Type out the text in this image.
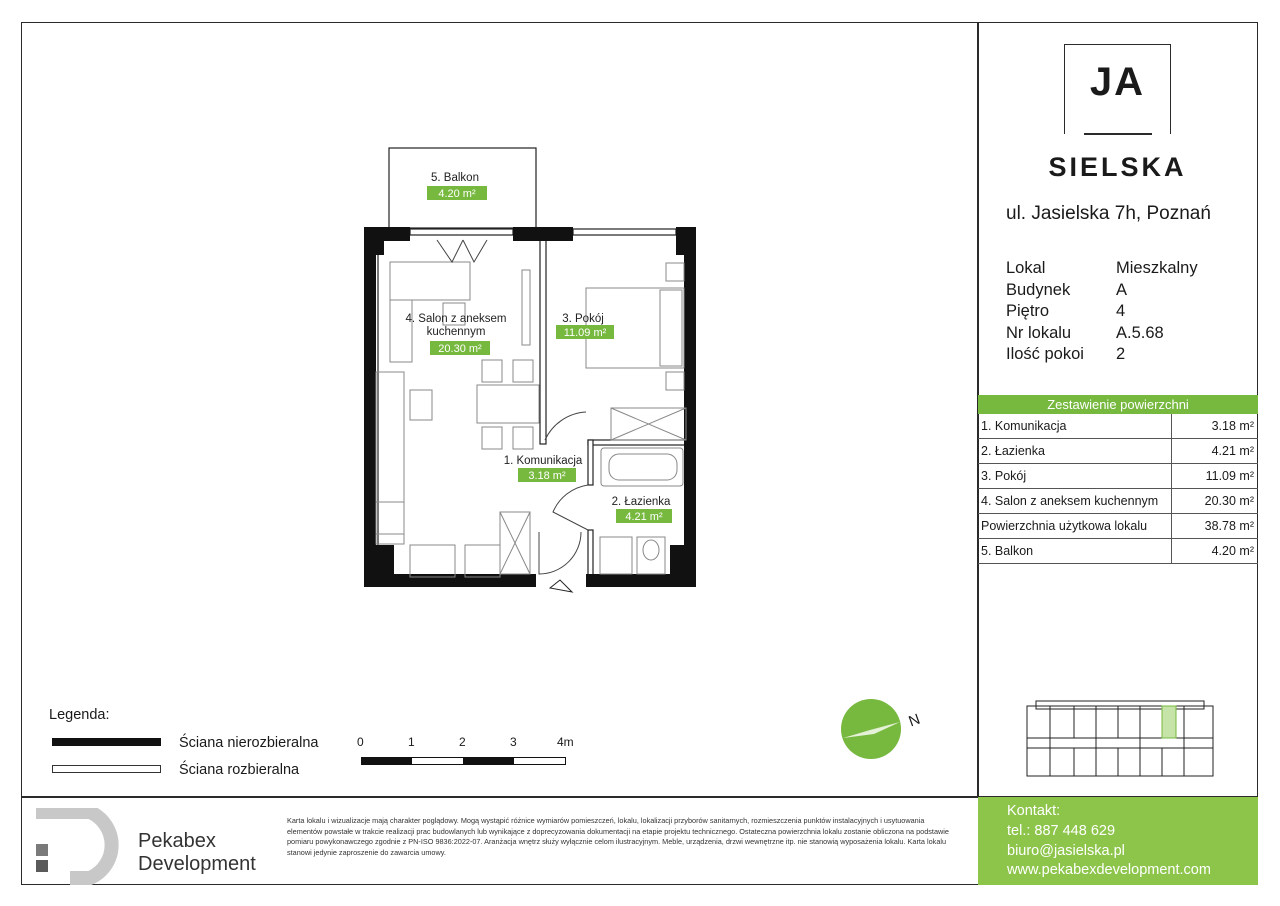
JA
SIELSKA
ul. Jasielska 7h, Poznań
Lokal	Mieszkalny
Budynek	A
Piętro	4
Nr lokalu	A.5.68
Ilość pokoi	2
Zestawienie powierzchni
1. Komunikacja	3.18 m²
2. Łazienka	4.21 m²
3. Pokój	11.09 m²
4. Salon z aneksem kuchennym	20.30 m²
Powierzchnia użytkowa lokalu	38.78 m²
5. Balkon	4.20 m²
5. Balkon
4.20 m²
4. Salon z aneksem
kuchennym
20.30 m²
3. Pokój
11.09 m²
1. Komunikacja
3.18 m²
2. Łazienka
4.21 m²
Legenda:
Ściana nierozbieralna
Ściana rozbieralna
0	1	2	3	4m
N
Pekabex
Development
Karta lokalu i wizualizacje mają charakter poglądowy. Mogą wystąpić różnice wymiarów pomieszczeń, lokalu, lokalizacji przyborów sanitarnych, rozmieszczenia punktów instalacyjnych i usytuowania elementów powstałe w trakcie realizacji prac budowlanych lub wynikające z doprecyzowania dokumentacji na etapie projektu technicznego. Ostateczna powierzchnia lokalu zostanie obliczona na podstawie pomiaru powykonawczego zgodnie z PN-ISO 9836:2022-07. Aranżacja wnętrz służy wyłącznie celom ilustracyjnym. Meble, urządzenia, drzwi wewnętrzne itp. nie stanowią wyposażenia lokalu. Karta lokalu stanowi jedynie zaproszenie do zawarcia umowy.
Kontakt:
tel.: 887 448 629
biuro@jasielska.pl
www.pekabexdevelopment.com
